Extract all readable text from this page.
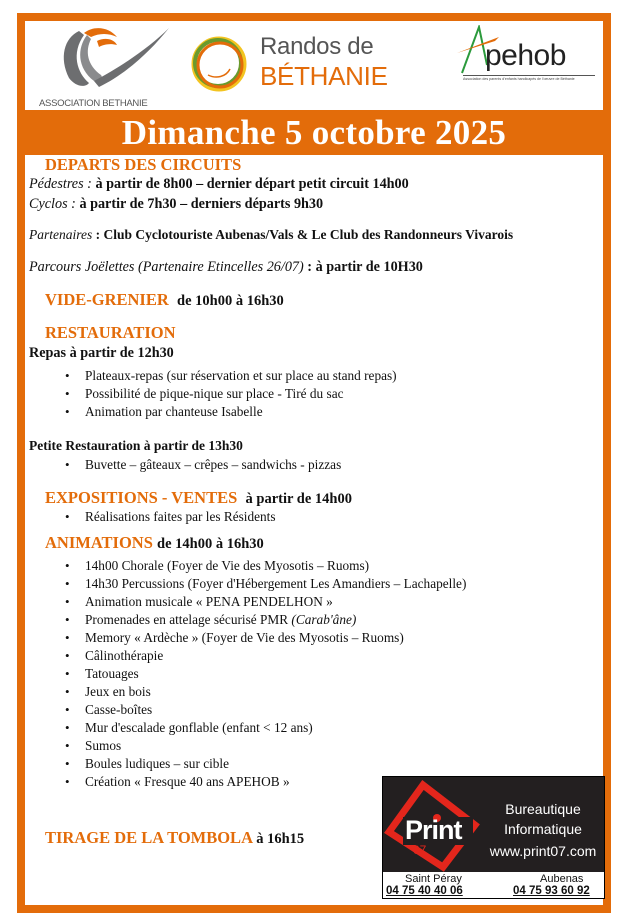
ASSOCIATION BETHANIE
Randos de
BÉTHANIE
pehob
Association des parents d'enfants handicapés de l'oeuvre de Béthanie
Dimanche 5 octobre 2025
DEPARTS DES CIRCUITS
Pédestres : à partir de 8h00 – dernier départ petit circuit 14h00
Cyclos : à partir de 7h30 – derniers départs 9h30
Partenaires : Club Cyclotouriste Aubenas/Vals & Le Club des Randonneurs Vivarois
Parcours Joëlettes (Partenaire Etincelles 26/07) : à partir de 10H30
VIDE-GRENIER de 10h00 à 16h30
RESTAURATION
Repas à partir de 12h30
• Plateaux-repas (sur réservation et sur place au stand repas)
• Possibilité de pique-nique sur place - Tiré du sac
• Animation par chanteuse Isabelle
Petite Restauration à partir de 13h30
• Buvette – gâteaux – crêpes – sandwichs - pizzas
EXPOSITIONS - VENTES à partir de 14h00
• Réalisations faites par les Résidents
ANIMATIONS de 14h00 à 16h30
• 14h00 Chorale (Foyer de Vie des Myosotis – Ruoms)
• 14h30 Percussions (Foyer d'Hébergement Les Amandiers – Lachapelle)
• Animation musicale « PENA PENDELHON »
• Promenades en attelage sécurisé PMR (Carab'âne)
• Memory « Ardèche » (Foyer de Vie des Myosotis – Ruoms)
• Câlinothérapie
• Tatouages
• Jeux en bois
• Casse-boîtes
• Mur d'escalade gonflable (enfant < 12 ans)
• Sumos
• Boules ludiques – sur cible
• Création « Fresque 40 ans APEHOB »
TIRAGE DE LA TOMBOLA à 16h15	Print
07
Bureautique
Informatique
www.print07.com
Saint Péray
04 75 40 40 06
Aubenas
04 75 93 60 92
